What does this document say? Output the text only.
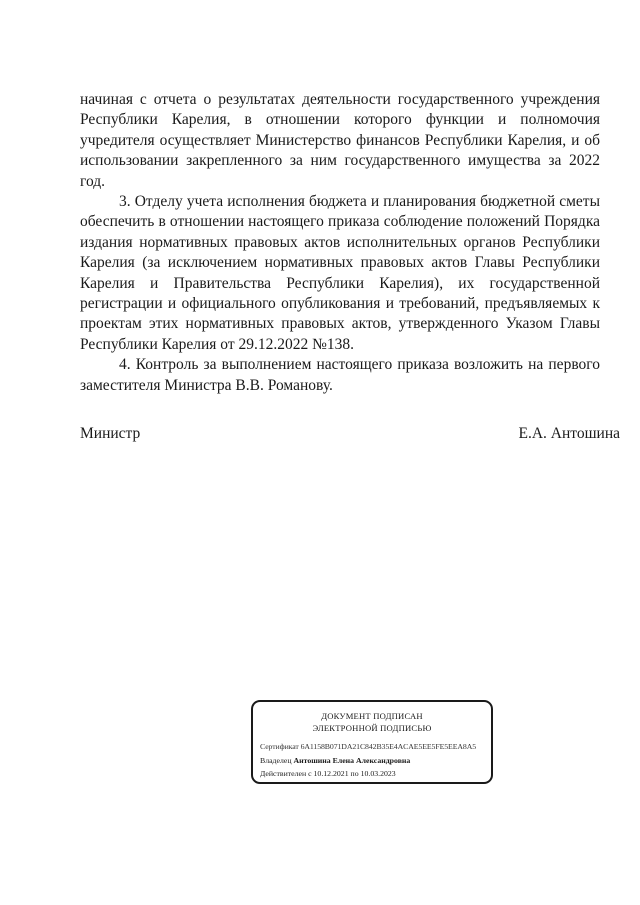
начиная с отчета о результатах деятельности государственного учреждения Республики Карелия, в отношении которого функции и полномочия учредителя осуществляет Министерство финансов Республики Карелия, и об использовании закрепленного за ним государственного имущества за 2022 год.

3. Отделу учета исполнения бюджета и планирования бюджетной сметы обеспечить в отношении настоящего приказа соблюдение положений Порядка издания нормативных правовых актов исполнительных органов Республики Карелия (за исключением нормативных правовых актов Главы Республики Карелия и Правительства Республики Карелия), их государственной регистрации и официального опубликования и требований, предъявляемых к проектам этих нормативных правовых актов, утвержденного Указом Главы Республики Карелия от 29.12.2022 №138.

4. Контроль за выполнением настоящего приказа возложить на первого заместителя Министра В.В. Романову.

Министр	Е.А. Антошина
ДОКУМЕНТ ПОДПИСАН
ЭЛЕКТРОННОЙ ПОДПИСЬЮ
Сертификат 6A1158B071DA21C842B35E4ACAE5EE5FE5EEA8A5
Владелец Антошина Елена Александровна
Действителен с 10.12.2021 по 10.03.2023
